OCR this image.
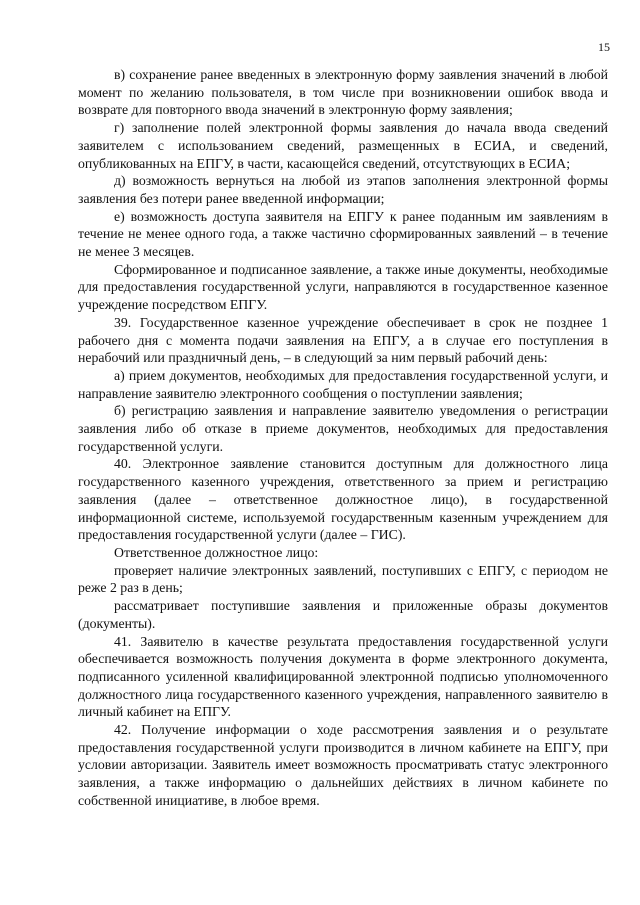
15

в) сохранение ранее введенных в электронную форму заявления значений в любой момент по желанию пользователя, в том числе при возникновении ошибок ввода и возврате для повторного ввода значений в электронную форму заявления;

г) заполнение полей электронной формы заявления до начала ввода сведений заявителем с использованием сведений, размещенных в ЕСИА, и сведений, опубликованных на ЕПГУ, в части, касающейся сведений, отсутствующих в ЕСИА;

д) возможность вернуться на любой из этапов заполнения электронной формы заявления без потери ранее введенной информации;

е) возможность доступа заявителя на ЕПГУ к ранее поданным им заявлениям в течение не менее одного года, а также частично сформированных заявлений – в течение не менее 3 месяцев.

Сформированное и подписанное заявление, а также иные документы, необходимые для предоставления государственной услуги, направляются в государственное казенное учреждение посредством ЕПГУ.

39. Государственное казенное учреждение обеспечивает в срок не позднее 1 рабочего дня с момента подачи заявления на ЕПГУ, а в случае его поступления в нерабочий или праздничный день, – в следующий за ним первый рабочий день:

а) прием документов, необходимых для предоставления государственной услуги, и направление заявителю электронного сообщения о поступлении заявления;

б) регистрацию заявления и направление заявителю уведомления о регистрации заявления либо об отказе в приеме документов, необходимых для предоставления государственной услуги.

40. Электронное заявление становится доступным для должностного лица государственного казенного учреждения, ответственного за прием и регистрацию заявления (далее – ответственное должностное лицо), в государственной информационной системе, используемой государственным казенным учреждением для предоставления государственной услуги (далее – ГИС).

Ответственное должностное лицо:

проверяет наличие электронных заявлений, поступивших с ЕПГУ, с периодом не реже 2 раз в день;

рассматривает поступившие заявления и приложенные образы документов (документы).

41. Заявителю в качестве результата предоставления государственной услуги обеспечивается возможность получения документа в форме электронного документа, подписанного усиленной квалифицированной электронной подписью уполномоченного должностного лица государственного казенного учреждения, направленного заявителю в личный кабинет на ЕПГУ.

42. Получение информации о ходе рассмотрения заявления и о результате предоставления государственной услуги производится в личном кабинете на ЕПГУ, при условии авторизации. Заявитель имеет возможность просматривать статус электронного заявления, а также информацию о дальнейших действиях в личном кабинете по собственной инициативе, в любое время.
